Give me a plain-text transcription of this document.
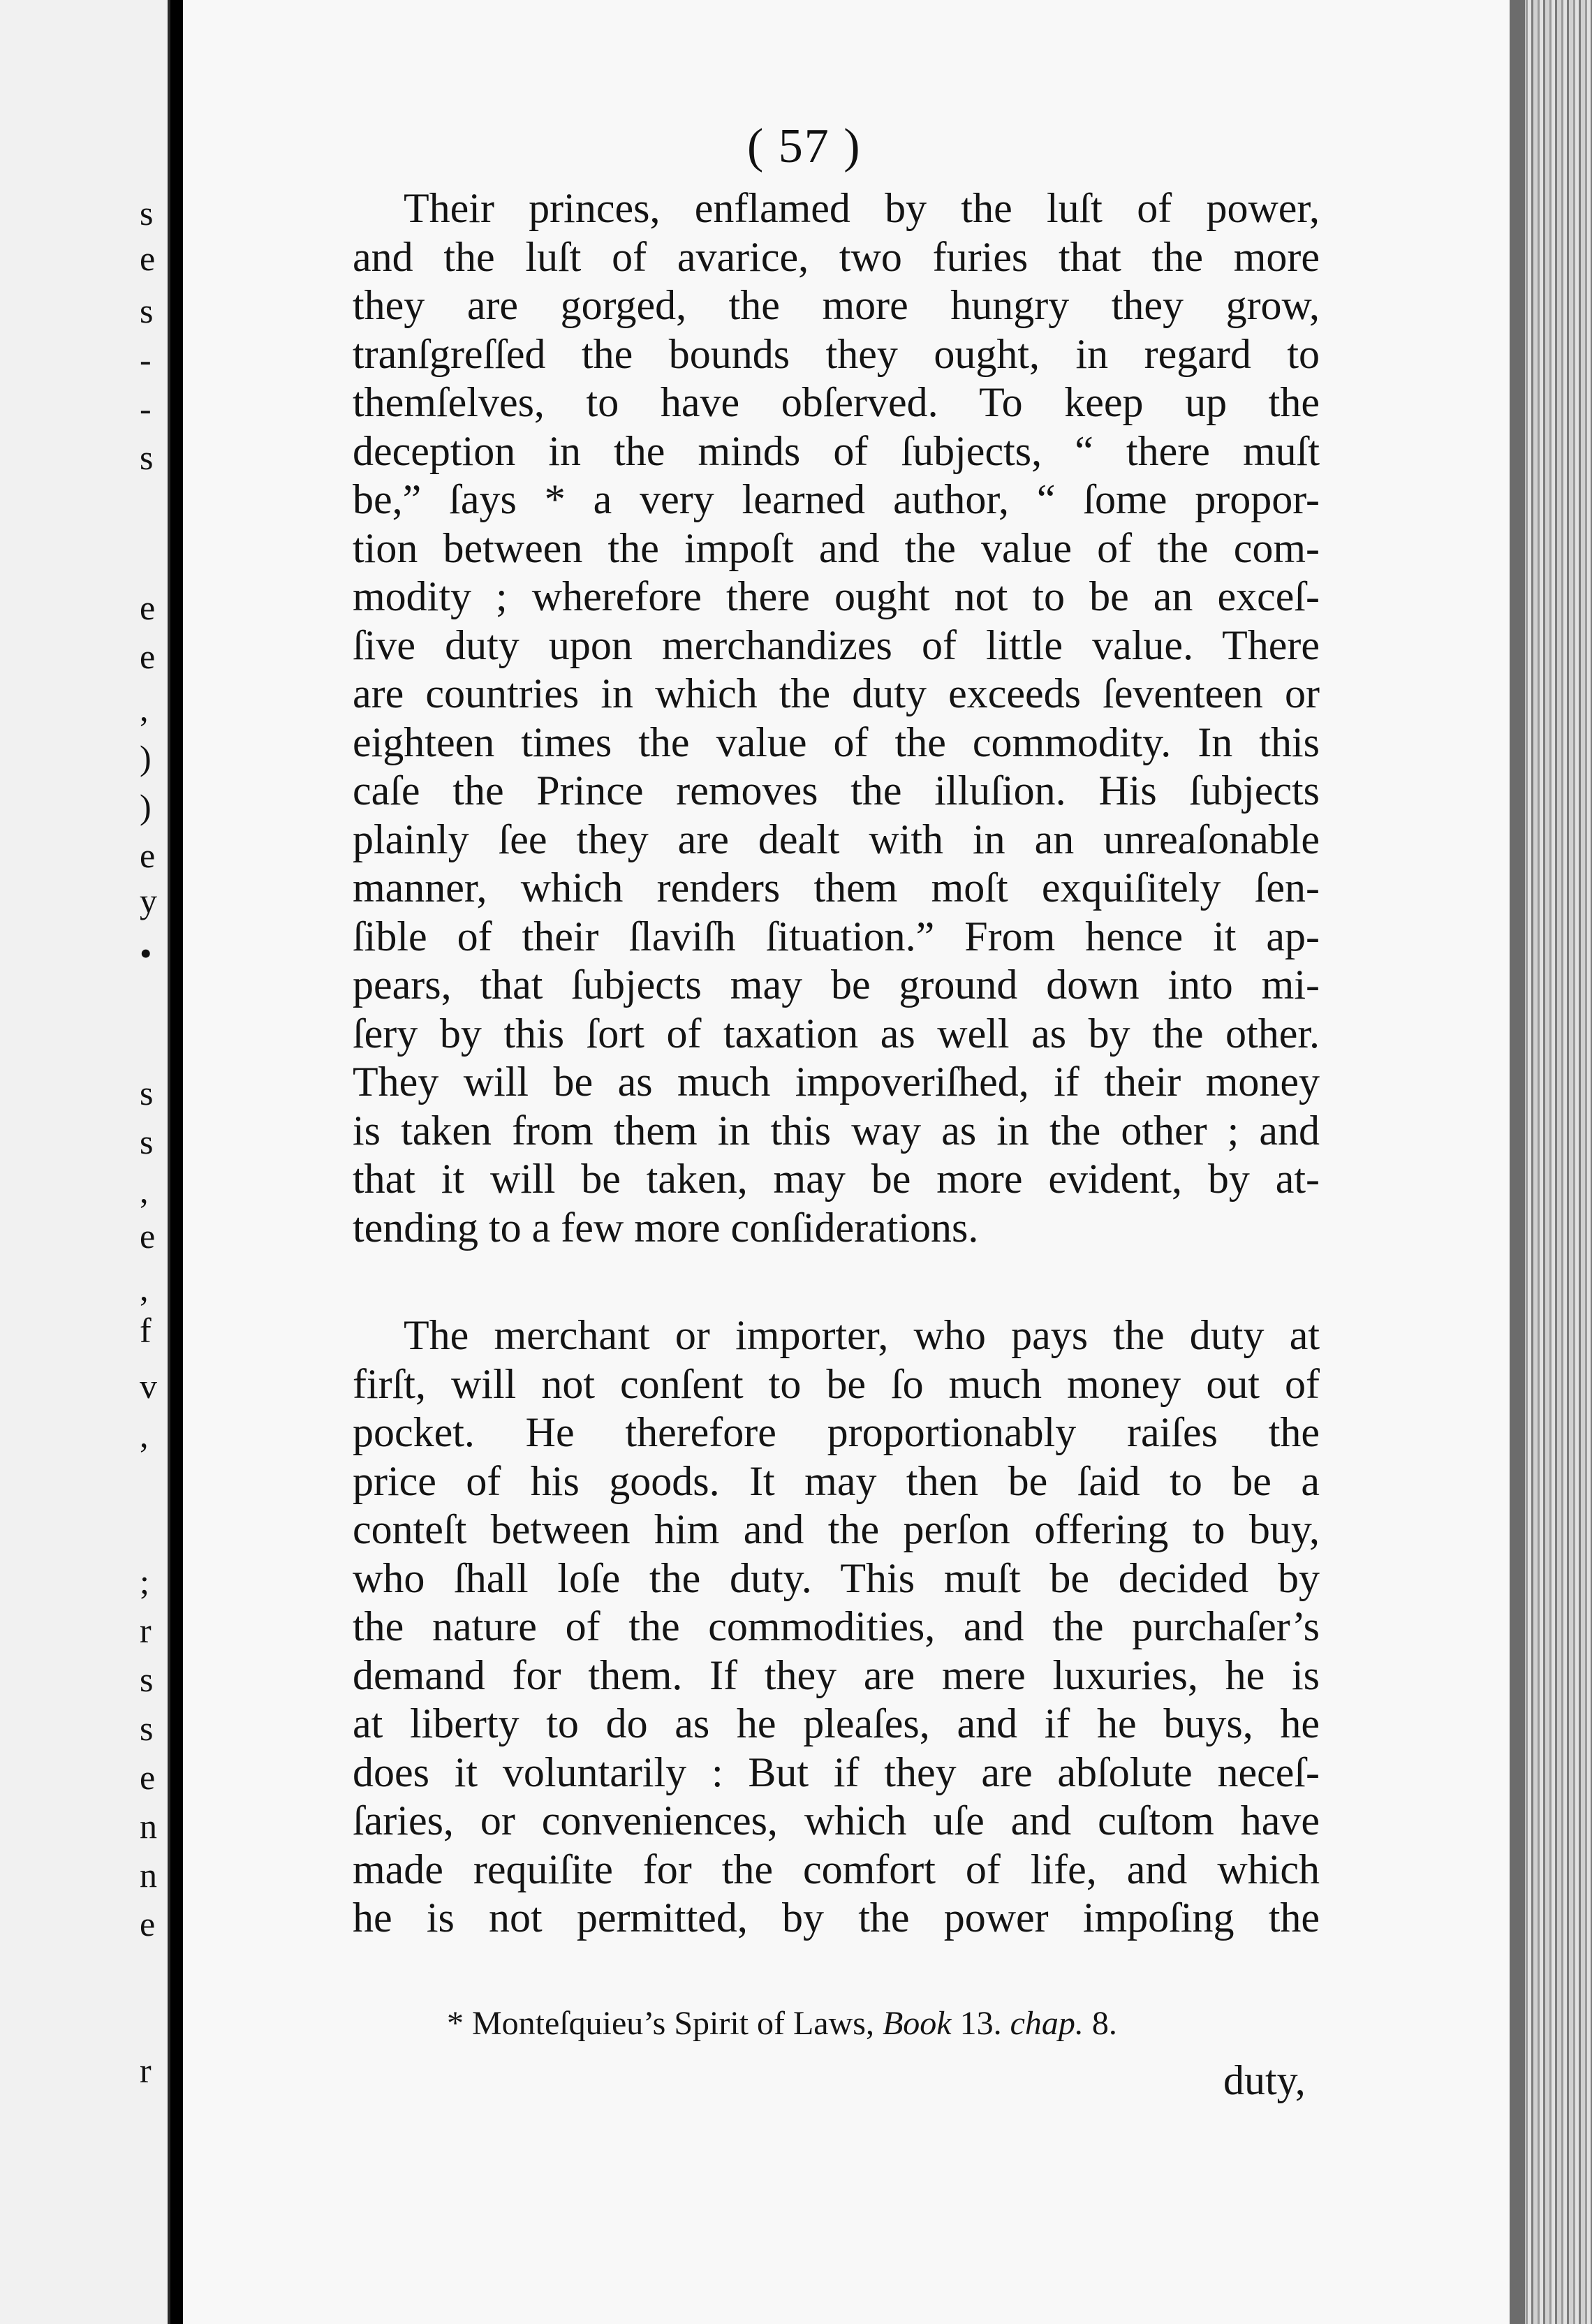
s
e
s
-
-
s
e
e
,
)
)
e
y
•
s
s
,
e
,
f
v
,
;
r
s
s
e
n
n
e
r
( 57 )
Their princes, enflamed by the luſt of power,
and the luſt of avarice, two furies that the more
they are gorged, the more hungry they grow,
tranſgreſſed the bounds they ought, in regard to
themſelves, to have obſerved. To keep up the
deception in the minds of ſubjects, “ there muſt
be,” ſays * a very learned author, “ ſome propor-
tion between the impoſt and the value of the com-
modity ; wherefore there ought not to be an exceſ-
ſive duty upon merchandizes of little value. There
are countries in which the duty exceeds ſeventeen or
eighteen times the value of the commodity. In this
caſe the Prince removes the illuſion. His ſubjects
plainly ſee they are dealt with in an unreaſonable
manner, which renders them moſt exquiſitely ſen-
ſible of their ſlaviſh ſituation.” From hence it ap-
pears, that ſubjects may be ground down into mi-
ſery by this ſort of taxation as well as by the other.
They will be as much impoveriſhed, if their money
is taken from them in this way as in the other ; and
that it will be taken, may be more evident, by at-
tending to a few more conſiderations.
The merchant or importer, who pays the duty at
firſt, will not conſent to be ſo much money out of
pocket. He therefore proportionably raiſes the
price of his goods. It may then be ſaid to be a
conteſt between him and the perſon offering to buy,
who ſhall loſe the duty. This muſt be decided by
the nature of the commodities, and the purchaſer’s
demand for them. If they are mere luxuries, he is
at liberty to do as he pleaſes, and if he buys, he
does it voluntarily : But if they are abſolute neceſ-
ſaries, or conveniences, which uſe and cuſtom have
made requiſite for the comfort of life, and which
he is not permitted, by the power impoſing the
* Monteſquieu’s Spirit of Laws, Book 13. chap. 8.
duty,
